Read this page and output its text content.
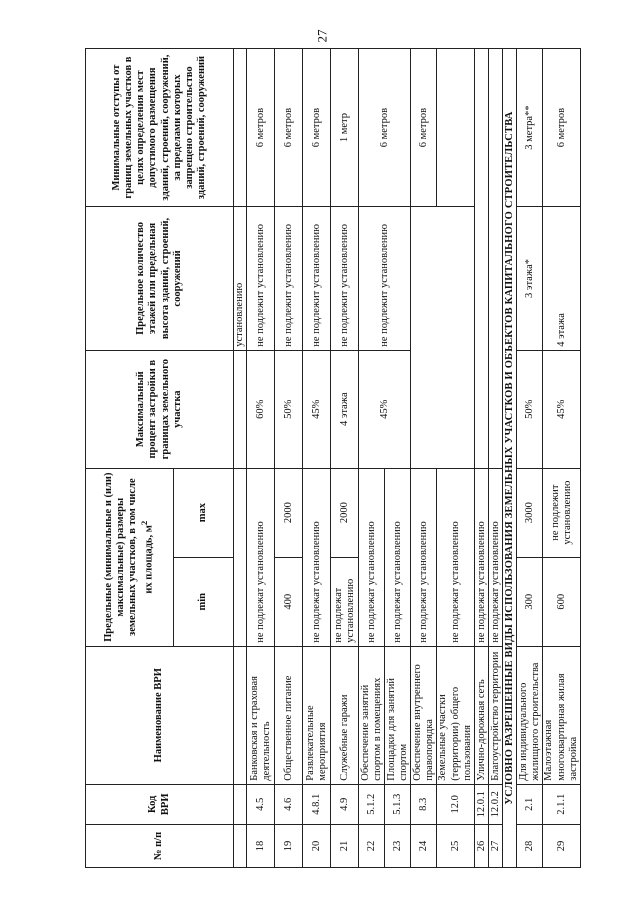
27
№ п/п	Код ВРИ	Наименование ВРИ	Предельные (минимальные и (или) максимальные) размеры земельных участков, в том числе их площадь, $м^2$		Максимальный процент застройки в границах земельного участка	Предельное количество этажей или предельная высота зданий, строений, сооружений	Минимальные отступы от границ земельных участков в целях определения мест допустимого размещения зданий, строений, сооружений, за пределами которых запрещено строительство зданий, строений, сооружений
			min	max			
						установлению	
18	4.5	Банковская и страховая деятельность	не подлежат установлению		60%	не подлежит установлению	6 метров
19	4.6	Общественное питание	400	2000	50%	не подлежит установлению	6 метров
20	4.8.1	Развлекательные мероприятия	не подлежат установлению		45%	не подлежит установлению	6 метров
21	4.9	Служебные гаражи	не подлежат установлению	2000	4 этажа	не подлежит установлению	1 метр
22	5.1.2	Обеспечение занятий спортом в помещениях	не подлежат установлению		45%	не подлежит установлению	6 метров
23	5.1.3	Площадки для занятий спортом	не подлежат установлению				
24	8.3	Обеспечение внутреннего правопорядка	не подлежат установлению				6 метров
25	12.0	Земельные участки (территории) общего пользования	не подлежат установлению				
26	12.0.1	Улично-дорожная сеть	не подлежат установлению				
27	12.0.2	Благоустройство территории	не подлежат установлению				
УСЛОВНО РАЗРЕШЕННЫЕ ВИДЫ ИСПОЛЬЗОВАНИЯ ЗЕМЕЛЬНЫХ УЧАСТКОВ И ОБЪЕКТОВ КАПИТАЛЬНОГО СТРОИТЕЛЬСТВА							
28	2.1	Для индивидуального жилищного строительства	300	3000	50%	3 этажа*	3 метра**
29	2.1.1	Малоэтажная многоквартирная жилая застройка	600	не подлежит установлению	45%	4 этажа	6 метров
